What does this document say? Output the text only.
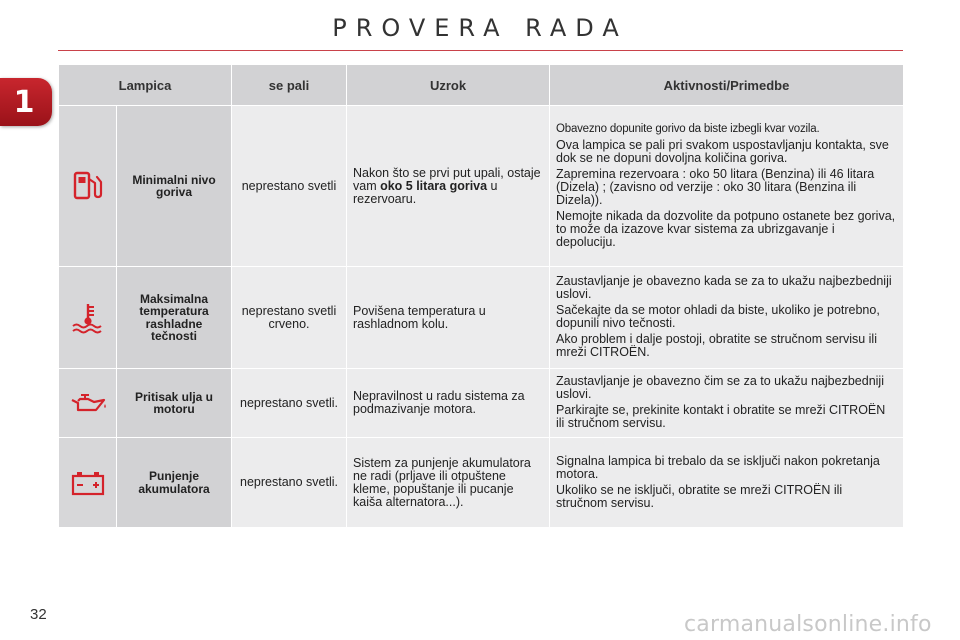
PROVERA RADA
1	Lampica		se pali	Uzrok	Aktivnosti/Primedbe

	Minimalni nivo goriva	neprestano svetli	Nakon što se prvi put upali, ostaje vam oko 5 litara goriva u rezervoaru.	Obavezno dopunite gorivo da biste izbegli kvar vozila.

Ova lampica se pali pri svakom uspostavljanju kontakta, sve dok se ne dopuni dovoljna količina goriva.

Zapremina rezervoara : oko 50 litara (Benzina) ili 46 litara (Dizela) ; (zavisno od verzije : oko 30 litara (Benzina ili Dizela)).

Nemojte nikada da dozvolite da potpuno ostanete bez goriva, to može da izazove kvar sistema za ubrizgavanje i depoluciju.

	Maksimalna temperatura rashladne tečnosti	neprestano svetli crveno.	Povišena temperatura u rashladnom kolu.	Zaustavljanje je obavezno kada se za to ukažu najbezbedniji uslovi.

Sačekajte da se motor ohladi da biste, ukoliko je potrebno, dopunili nivo tečnosti.

Ako problem i dalje postoji, obratite se stručnom servisu ili mreži CITROËN.

	Pritisak ulja u motoru	neprestano svetli.	Nepravilnost u radu sistema za podmazivanje motora.	Zaustavljanje je obavezno čim se za to ukažu najbezbedniji uslovi.

Parkirajte se, prekinite kontakt i obratite se mreži CITROËN ili stručnom servisu.

	Punjenje akumulatora	neprestano svetli.	Sistem za punjenje akumulatora ne radi (prljave ili otpuštene kleme, popuštanje ili pucanje kaiša alternatora...).	Signalna lampica bi trebalo da se isključi nakon pokretanja motora.

Ukoliko se ne isključi, obratite se mreži CITROËN ili stručnom servisu.

32	carmanualsonline.info
